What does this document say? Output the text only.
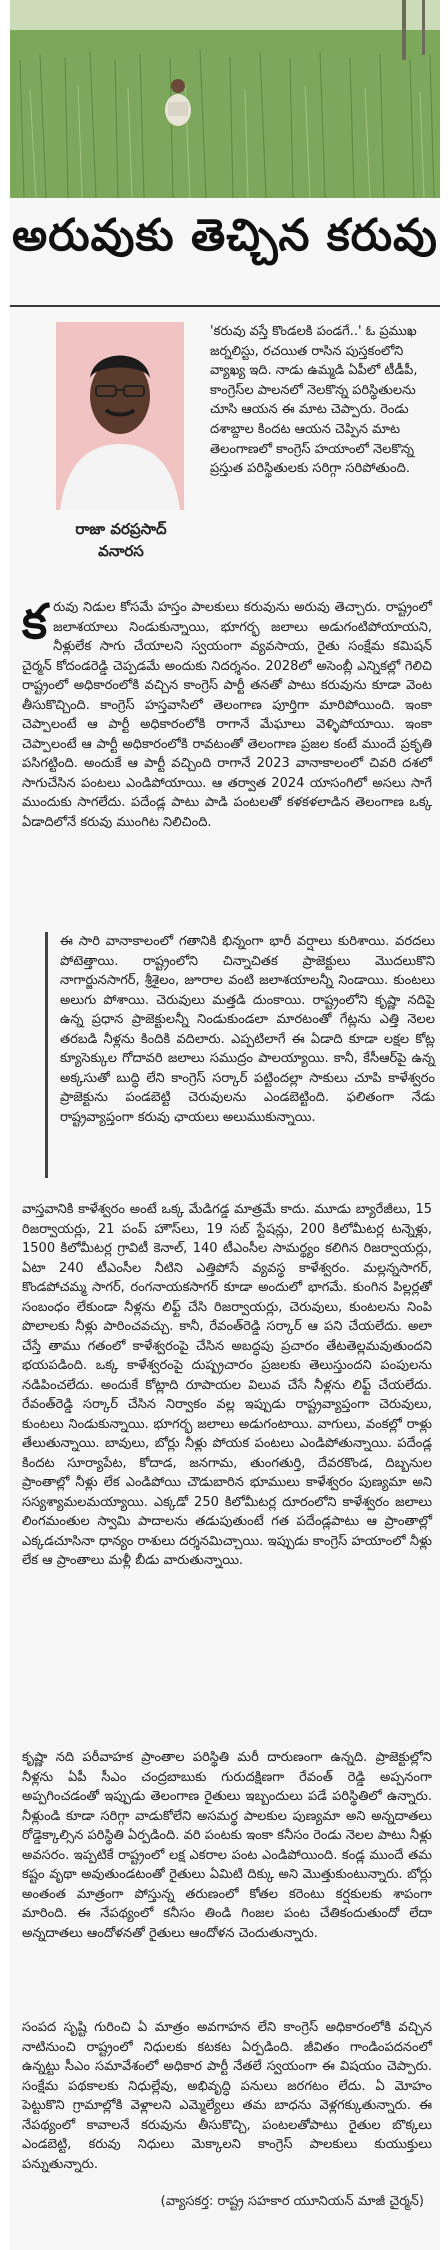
అరువుకు తెచ్చిన కరువు
రాజా వరప్రసాద్
వనారస

'కరువు వస్తే కొండలకి పండగే..' ఓ ప్రముఖ జర్నలిస్టు, రచయిత రాసిన పుస్తకంలోని వ్యాఖ్య ఇది. నాడు ఉమ్మడి ఏపీలో టీడీపీ, కాంగ్రెస్‌ల పాలనలో నెలకొన్న పరిస్థితులను చూసి ఆయన ఈ మాట చెప్పారు. రెండు దశాబ్దాల కిందట ఆయన చెప్పిన మాట తెలంగాణలో కాంగ్రెస్ హయాంలో నెలకొన్న ప్రస్తుత పరిస్థితులకు సరిగ్గా సరిపోతుంది.

క రువు నిడుల కోసమే హస్తం పాలకులు కరువును అరువు తెచ్చారు. రాష్ట్రంలో జలాశయాలు నిండుకున్నాయి, భూగర్భ జలాలు అడుగంటిపోయాయని, నీళ్లులేక సాగు చేయాలని స్వయంగా వ్యవసాయ, రైతు సంక్షేమ కమిషన్ చైర్మన్ కోదండరెడ్డి చెప్పడమే అందుకు నిదర్శనం. 2028లో అసెంబ్లీ ఎన్నికల్లో గెలిచి రాష్ట్రంలో అధికారంలోకి వచ్చిన కాంగ్రెస్ పార్టీ తనతో పాటు కరువును కూడా వెంట తీసుకొచ్చింది. కాంగ్రెస్ హస్తవాసిలో తెలంగాణ పూర్తిగా మారిపోయింది. ఇంకా చెప్పాలంటే ఆ పార్టీ అధికారంలోకి రాగానే మేఘాలు వెళ్ళిపోయాయి. ఇంకా చెప్పాలంటే ఆ పార్టీ అధికారంలోకి రావటంతో తెలంగాణ ప్రజల కంటే ముందే ప్రకృతి పసిగట్టింది. అందుకే ఆ పార్టీ వచ్చింది రాగానే 2023 వానాకాలంలో చివరి దశలో సాగుచేసిన పంటలు ఎండిపోయాయి. ఆ తర్వాత 2024 యాసంగిలో అసలు సాగే ముందుకు సాగలేదు. పదేండ్ల పాటు పాడి పంటలతో కళకళలాడిన తెలంగాణ ఒక్క ఏడాదిలోనే కరువు ముంగిట నిలిచింది.

ఈ సారి వానాకాలంలో గతానికి భిన్నంగా భారీ వర్షాలు కురిశాయి. వరదలు పోటెత్తాయి. రాష్ట్రంలోని చిన్నాచితక ప్రాజెక్టులు మొదలుకొని నాగార్జునసాగర్, శ్రీశైలం, జూరాల వంటి జలాశయాలన్నీ నిండాయి. కుంటలు అలుగు పోశాయి. చెరువులు మత్తడి దుంకాయి. రాష్ట్రంలోని కృష్ణా నదిపై ఉన్న ప్రధాన ప్రాజెక్టులన్నీ నిండుకుండలా మారటంతో గేట్లను ఎత్తి నెలల తరబడి నీళ్లను కిందికి వదిలారు. ఎప్పటిలాగే ఈ ఏడాది కూడా లక్షల కోట్ల క్యూసెక్కుల గోదావరి జలాలు సముద్రం పాలయ్యాయి. కానీ, కేసీఆర్‌పై ఉన్న అక్కసుతో బుద్ధి లేని కాంగ్రెస్ సర్కార్ పట్టిందల్లా సాకులు చూపి కాళేశ్వరం ప్రాజెక్టును పండబెట్టి చెరువులను ఎండబెట్టింది. ఫలితంగా నేడు రాష్ట్రవ్యాప్తంగా కరువు ఛాయలు అలుముకున్నాయి.

వాస్తవానికి కాళేశ్వరం అంటే ఒక్క మేడిగడ్డ మాత్రమే కాదు. మూడు బ్యారేజీలు, 15 రిజర్వాయర్లు, 21 పంప్ హౌస్‌లు, 19 సబ్ స్టేషన్లు, 200 కిలోమీటర్ల టన్నెళ్లు, 1500 కిలోమీటర్ల గ్రావిటీ కెనాల్, 140 టీఎంసీల సామర్థ్యం కలిగిన రిజర్వాయర్లు, ఏటా 240 టీఎంసీల నీటిని ఎత్తిపోసే వ్యవస్థ కాళేశ్వరం. మల్లన్నసాగర్, కొండపోచమ్మ సాగర్, రంగనాయకసాగర్ కూడా అందులో భాగమే. కుంగిన పిల్లర్లతో సంబంధం లేకుండా నీళ్లను లిఫ్ట్ చేసి రిజర్వాయర్లు, చెరువులు, కుంటలను నింపి పొలాలకు నీళ్లు పారించవచ్చు. కానీ, రేవంత్‌రెడ్డి సర్కార్ ఆ పని చేయలేదు. అలా చేస్తే తాము గతంలో కాళేశ్వరంపై చేసిన అబద్ధపు ప్రచారం తేటతెల్లమవుతుందని భయపడింది. ఒక్క కాళేశ్వరంపై దుష్ప్రచారం ప్రజలకు తెలుస్తుందని పంపులను నడిపించలేదు. అందుకే కోట్లాది రూపాయల విలువ చేసే నీళ్లను లిఫ్ట్ చేయలేదు. రేవంత్‌రెడ్డి సర్కార్ చేసిన నిర్వాకం వల్ల ఇప్పుడు రాష్ట్రవ్యాప్తంగా చెరువులు, కుంటలు నిండుకున్నాయి. భూగర్భ జలాలు అడుగంటాయి. వాగులు, వంకల్లో రాళ్లు తేలుతున్నాయి. బావులు, బోర్లు నీళ్లు పోయక పంటలు ఎండిపోతున్నాయి. పదేండ్ల కిందట సూర్యాపేట, కోదాడ, జనగామ, తుంగతుర్తి, దేవరకొండ, దిబ్బనుల ప్రాంతాల్లో నీళ్లు లేక ఎండిపోయి చౌడుబారిన భూములు కాళేశ్వరం పుణ్యమా అని సస్యశ్యామలమయ్యాయి. ఎక్కడో 250 కిలోమీటర్ల దూరంలోని కాళేశ్వరం జలాలు లింగమంతుల స్వామి పాదాలను తడుపుతుంటే గత పదేండ్లపాటు ఆ ప్రాంతాల్లో ఎక్కడచూసినా ధాన్యం రాశులు దర్శనమిచ్చాయి. ఇప్పుడు కాంగ్రెస్ హయాంలో నీళ్లు లేక ఆ ప్రాంతాలు మళ్లీ బీడు వారుతున్నాయి.

కృష్ణా నది పరీవాహక ప్రాంతాల పరిస్థితి మరీ దారుణంగా ఉన్నది. ప్రాజెక్టుల్లోని నీళ్లను ఏపీ సీఎం చంద్రబాబుకు గురుదక్షిణగా రేవంత్ రెడ్డి అప్పనంగా అప్పగించడంతో ఇప్పుడు తెలంగాణ రైతులు ఇబ్బందులు పడే పరిస్థితిలో ఉన్నారు. నీళ్లుండి కూడా సరిగ్గా వాడుకోలేని అసమర్థ పాలకుల పుణ్యమా అని అన్నదాతలు రోడ్డెక్కాల్సిన పరిస్థితి ఏర్పడింది. వరి పంటకు ఇంకా కనీసం రెండు నెలల పాటు నీళ్లు అవసరం. ఇప్పటికే రాష్ట్రంలో లక్ష ఎకరాల పంట ఎండిపోయింది. కండ్ల ముందే తమ కష్టం వృథా అవుతుండటంతో రైతులు ఏమిటి దిక్కు అని మొత్తుకుంటున్నారు. బోర్లు అంతంత మాత్రంగా పోస్తున్న తరుణంలో కోతల కరెంటు కర్షకులకు శాపంగా మారింది. ఈ నేపథ్యంలో కనీసం తిండి గింజల పంట చేతికందుతుందో లేదా అన్నదాతలు ఆందోళనతో రైతులు ఆందోళన చెందుతున్నారు.

సంపద సృష్టి గురించి ఏ మాత్రం అవగాహన లేని కాంగ్రెస్ అధికారంలోకి వచ్చిన నాటినుంచి రాష్ట్రంలో నిధులకు కటకట ఏర్పడింది. జీవితం గాండింపదనంలో ఉన్నట్టు సీఎం సమావేశంలో అధికార పార్టీ నేతలే స్వయంగా ఈ విషయం చెప్పారు. సంక్షేమ పథకాలకు నిధుల్లేవు, అభివృద్ధి పనులు జరగటం లేదు. ఏ మోహం పెట్టుకొని గ్రామాల్లోకి వెళ్లాలని ఎమ్మెల్యేలు తమ బాధను వెళ్లగక్కుతున్నారు. ఈ నేపథ్యంలో కావాలనే కరువును తీసుకొచ్చి, పంటలతోపాటు రైతుల బొక్కలు ఎండబెట్టి, కరువు నిధులు మెక్కాలని కాంగ్రెస్ పాలకులు కుయుక్తులు పన్నుతున్నారు.

(వ్యాసకర్త: రాష్ట్ర సహకార యూనియన్ మాజీ చైర్మన్)
